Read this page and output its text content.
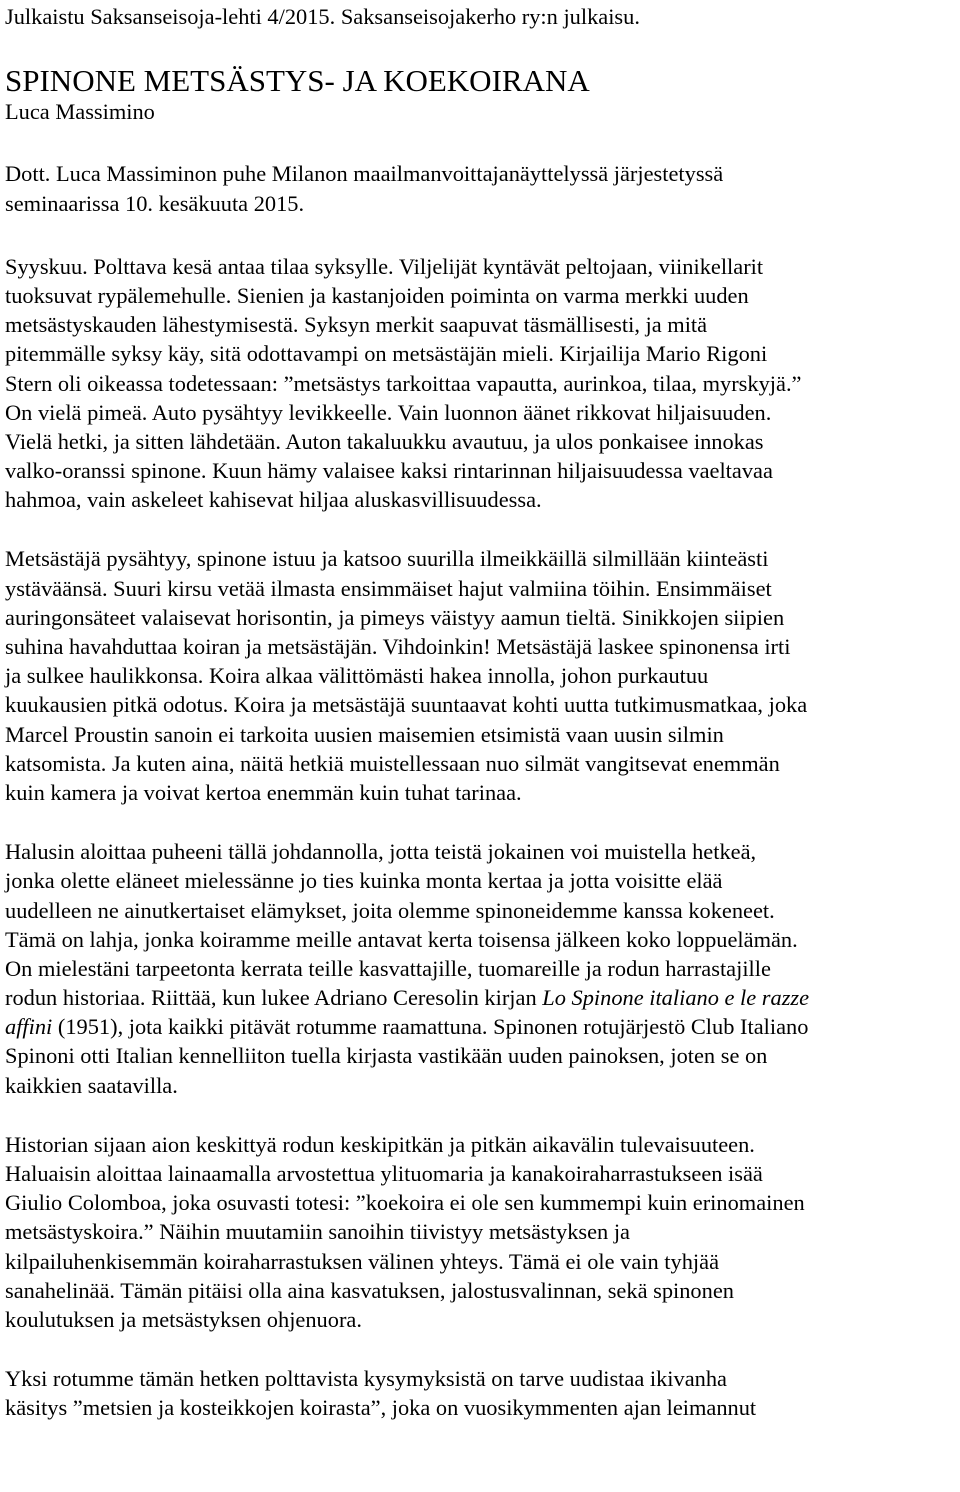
Julkaistu Saksanseisoja-lehti 4/2015. Saksanseisojakerho ry:n julkaisu.
SPINONE METSÄSTYS- JA KOEKOIRANA
Luca Massimino
Dott. Luca Massiminon puhe Milanon maailmanvoittajanäyttelyssä järjestetyssä
seminaarissa 10. kesäkuuta 2015.
Syyskuu. Polttava kesä antaa tilaa syksylle. Viljelijät kyntävät peltojaan, viinikellarit
tuoksuvat rypälemehulle. Sienien ja kastanjoiden poiminta on varma merkki uuden
metsästyskauden lähestymisestä. Syksyn merkit saapuvat täsmällisesti, ja mitä
pitemmälle syksy käy, sitä odottavampi on metsästäjän mieli. Kirjailija Mario Rigoni
Stern oli oikeassa todetessaan: ”metsästys tarkoittaa vapautta, aurinkoa, tilaa, myrskyjä.”
On vielä pimeä. Auto pysähtyy levikkeelle. Vain luonnon äänet rikkovat hiljaisuuden.
Vielä hetki, ja sitten lähdetään. Auton takaluukku avautuu, ja ulos ponkaisee innokas
valko-oranssi spinone. Kuun hämy valaisee kaksi rintarinnan hiljaisuudessa vaeltavaa
hahmoa, vain askeleet kahisevat hiljaa aluskasvillisuudessa.
Metsästäjä pysähtyy, spinone istuu ja katsoo suurilla ilmeikkäillä silmillään kiinteästi
ystäväänsä. Suuri kirsu vetää ilmasta ensimmäiset hajut valmiina töihin. Ensimmäiset
auringonsäteet valaisevat horisontin, ja pimeys väistyy aamun tieltä. Sinikkojen siipien
suhina havahduttaa koiran ja metsästäjän. Vihdoinkin! Metsästäjä laskee spinonensa irti
ja sulkee haulikkonsa. Koira alkaa välittömästi hakea innolla, johon purkautuu
kuukausien pitkä odotus. Koira ja metsästäjä suuntaavat kohti uutta tutkimusmatkaa, joka
Marcel Proustin sanoin ei tarkoita uusien maisemien etsimistä vaan uusin silmin
katsomista. Ja kuten aina, näitä hetkiä muistellessaan nuo silmät vangitsevat enemmän
kuin kamera ja voivat kertoa enemmän kuin tuhat tarinaa.
Halusin aloittaa puheeni tällä johdannolla, jotta teistä jokainen voi muistella hetkeä,
jonka olette eläneet mielessänne jo ties kuinka monta kertaa ja jotta voisitte elää
uudelleen ne ainutkertaiset elämykset, joita olemme spinoneidemme kanssa kokeneet.
Tämä on lahja, jonka koiramme meille antavat kerta toisensa jälkeen koko loppuelämän.
On mielestäni tarpeetonta kerrata teille kasvattajille, tuomareille ja rodun harrastajille
rodun historiaa. Riittää, kun lukee Adriano Ceresolin kirjan Lo Spinone italiano e le razze
affini (1951), jota kaikki pitävät rotumme raamattuna. Spinonen rotujärjestö Club Italiano
Spinoni otti Italian kennelliiton tuella kirjasta vastikään uuden painoksen, joten se on
kaikkien saatavilla.
Historian sijaan aion keskittyä rodun keskipitkän ja pitkän aikavälin tulevaisuuteen.
Haluaisin aloittaa lainaamalla arvostettua ylituomaria ja kanakoiraharrastukseen isää
Giulio Colomboa, joka osuvasti totesi: ”koekoira ei ole sen kummempi kuin erinomainen
metsästyskoira.” Näihin muutamiin sanoihin tiivistyy metsästyksen ja
kilpailuhenkisemmän koiraharrastuksen välinen yhteys. Tämä ei ole vain tyhjää
sanahelinää. Tämän pitäisi olla aina kasvatuksen, jalostusvalinnan, sekä spinonen
koulutuksen ja metsästyksen ohjenuora.
Yksi rotumme tämän hetken polttavista kysymyksistä on tarve uudistaa ikivanha
käsitys ”metsien ja kosteikkojen koirasta”, joka on vuosikymmenten ajan leimannut
